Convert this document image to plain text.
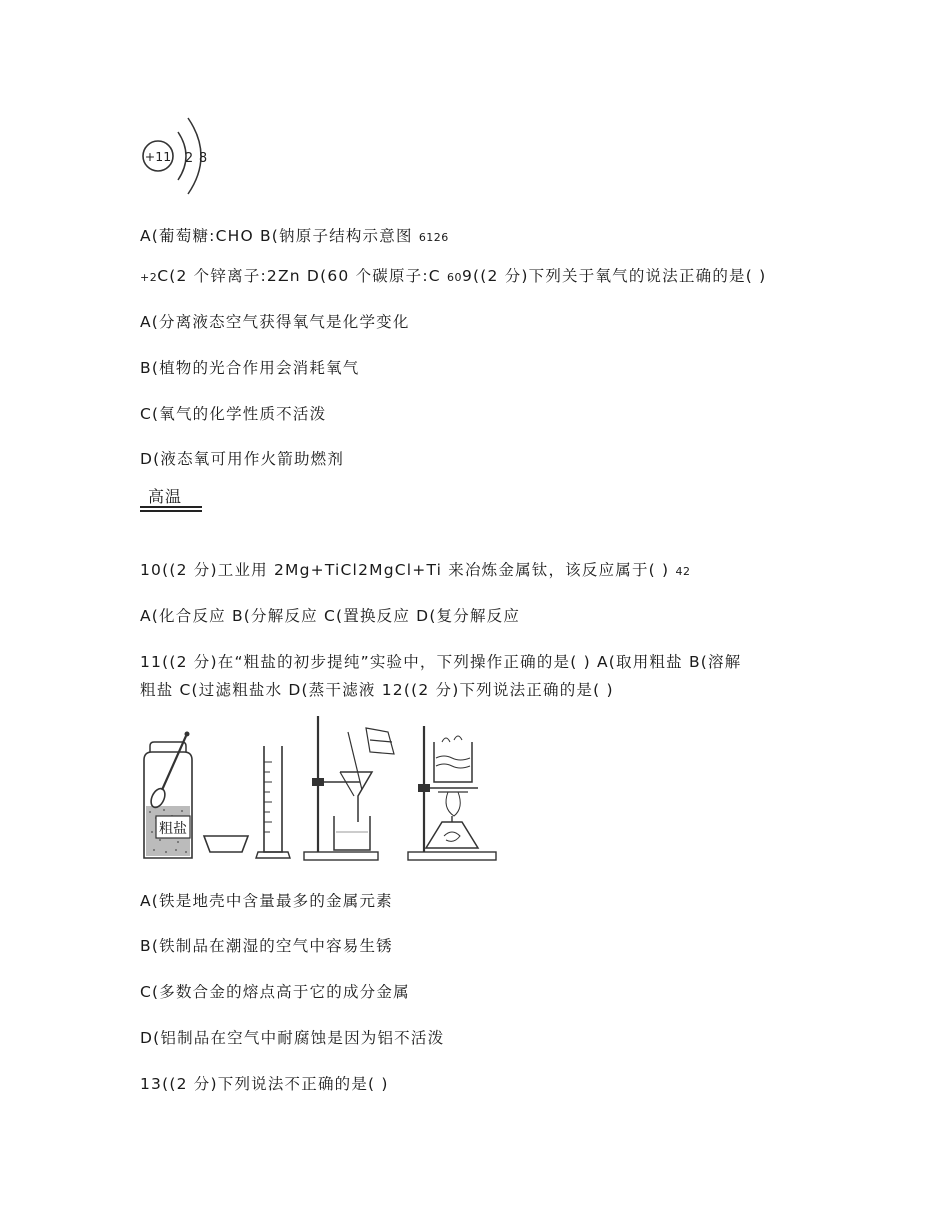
+11 2 8
A(葡萄糖:CHO B(钠原子结构示意图 6126
+2C(2 个锌离子:2Zn D(60 个碳原子:C 609((2 分)下列关于氧气的说法正确的是( )
A(分离液态空气获得氧气是化学变化
B(植物的光合作用会消耗氧气
C(氧气的化学性质不活泼
D(液态氧可用作火箭助燃剂
高温
10((2 分)工业用 2Mg+TiCl2MgCl+Ti 来冶炼金属钛，该反应属于( ) 42
A(化合反应 B(分解反应 C(置换反应 D(复分解反应
11((2 分)在“粗盐的初步提纯”实验中，下列操作正确的是( ) A(取用粗盐 B(溶解
粗盐 C(过滤粗盐水 D(蒸干滤液 12((2 分)下列说法正确的是( )
粗盐
A(铁是地壳中含量最多的金属元素
B(铁制品在潮湿的空气中容易生锈
C(多数合金的熔点高于它的成分金属
D(铝制品在空气中耐腐蚀是因为铝不活泼
13((2 分)下列说法不正确的是( )
